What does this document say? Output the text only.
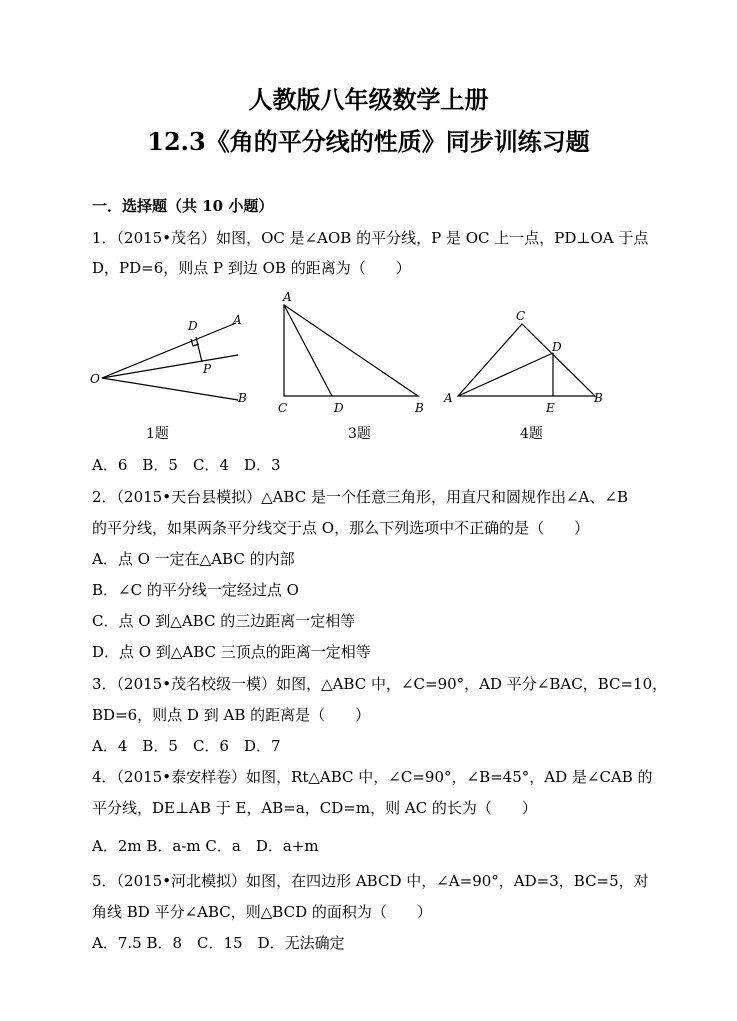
人教版八年级数学上册
12.3《角的平分线的性质》同步训练习题
一．选择题（共 10 小题）
1．（2015•茂名）如图，OC 是∠AOB 的平分线，P 是 OC 上一点，PD⊥OA 于点
D，PD=6，则点 P 到边 OB 的距离为（　　）
O
A
B
D
P
1题
A
C	D	B
3题
A	B
C
D
E
4题
A．6　B．5　C．4　D．3
2．（2015•天台县模拟）△ABC 是一个任意三角形，用直尺和圆规作出∠A、∠B
的平分线，如果两条平分线交于点 O，那么下列选项中不正确的是（　　）
A．点 O 一定在△ABC 的内部
B．∠C 的平分线一定经过点 O
C．点 O 到△ABC 的三边距离一定相等
D．点 O 到△ABC 三顶点的距离一定相等
3．（2015•茂名校级一模）如图，△ABC 中，∠C=90°，AD 平分∠BAC，BC=10，
BD=6，则点 D 到 AB 的距离是（　　）
A．4　B．5　C．6　D．7
4．（2015•泰安样卷）如图，Rt△ABC 中，∠C=90°，∠B=45°，AD 是∠CAB 的
平分线，DE⊥AB 于 E，AB=a，CD=m，则 AC 的长为（　　）
A．2m B．a-m C．a　D．a+m
5．（2015•河北模拟）如图，在四边形 ABCD 中，∠A=90°，AD=3，BC=5，对
角线 BD 平分∠ABC，则△BCD 的面积为（　　）
A．7.5 B．8　C．15　D．无法确定
